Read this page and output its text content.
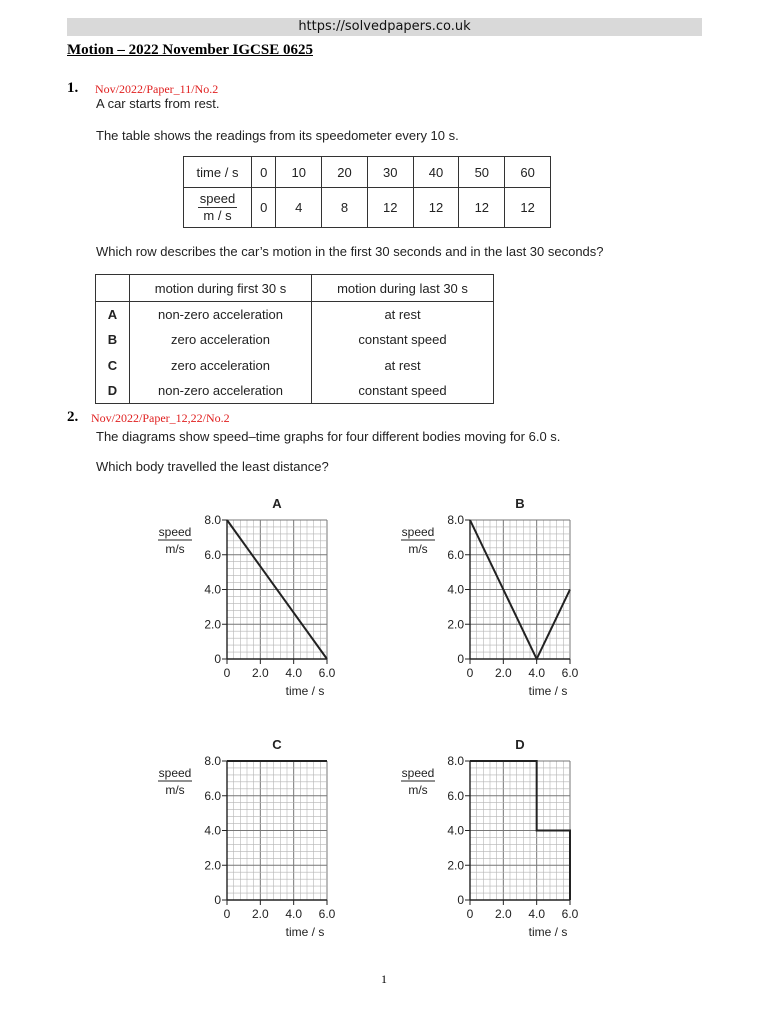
https://solvedpapers.co.uk
Motion – 2022 November IGCSE 0625
1. Nov/2022/Paper_11/No.2
A car starts from rest.
The table shows the readings from its speedometer every 10 s.
time / s	0	10	20	30	40	50	60

$\frac{\text{speed}}{m / s}$	0	4	8	12	12	12	12
Which row describes the car’s motion in the first 30 seconds and in the last 30 seconds?
	motion during first 30 s	motion during last 30 s
A	non-zero acceleration	at rest
B	zero acceleration	constant speed
C	zero acceleration	at rest
D	non-zero acceleration	constant speed
2. Nov/2022/Paper_12,22/No.2
The diagrams show speed–time graphs for four different bodies moving for 6.0 s.
Which body travelled the least distance?
A
0
2.0
4.0
6.0
8.0
0 2.0 4.0 6.0
speed
m/s
time / s
B
0
2.0
4.0
6.0
8.0
0 2.0 4.0 6.0
speed
m/s
time / s
C
0
2.0
4.0
6.0
8.0
0 2.0 4.0 6.0
speed
m/s
time / s
D
0
2.0
4.0
6.0
8.0
0 2.0 4.0 6.0
speed
m/s
time / s
1
